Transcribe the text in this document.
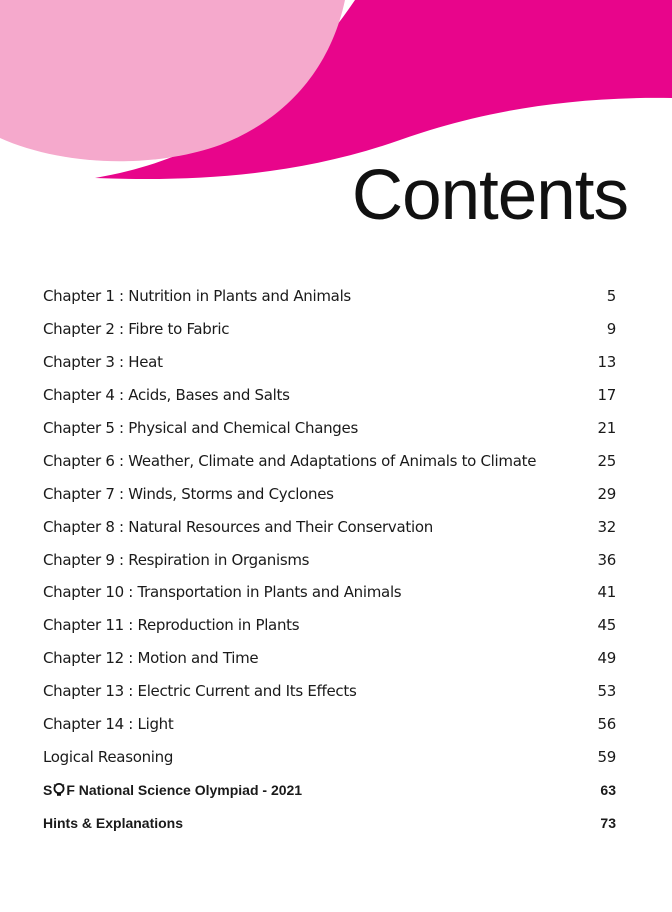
Contents
Chapter 1 : Nutrition in Plants and Animals	5
Chapter 2 : Fibre to Fabric	9
Chapter 3 : Heat	13
Chapter 4 : Acids, Bases and Salts	17
Chapter 5 : Physical and Chemical Changes	21
Chapter 6 : Weather, Climate and Adaptations of Animals to Climate	25
Chapter 7 : Winds, Storms and Cyclones	29
Chapter 8 : Natural Resources and Their Conservation	32
Chapter 9 : Respiration in Organisms	36
Chapter 10 : Transportation in Plants and Animals	41
Chapter 11 : Reproduction in Plants	45
Chapter 12 : Motion and Time	49
Chapter 13 : Electric Current and Its Effects	53
Chapter 14 : Light	56
Logical Reasoning	59
S F National Science Olympiad - 2021	63
Hints & Explanations	73
